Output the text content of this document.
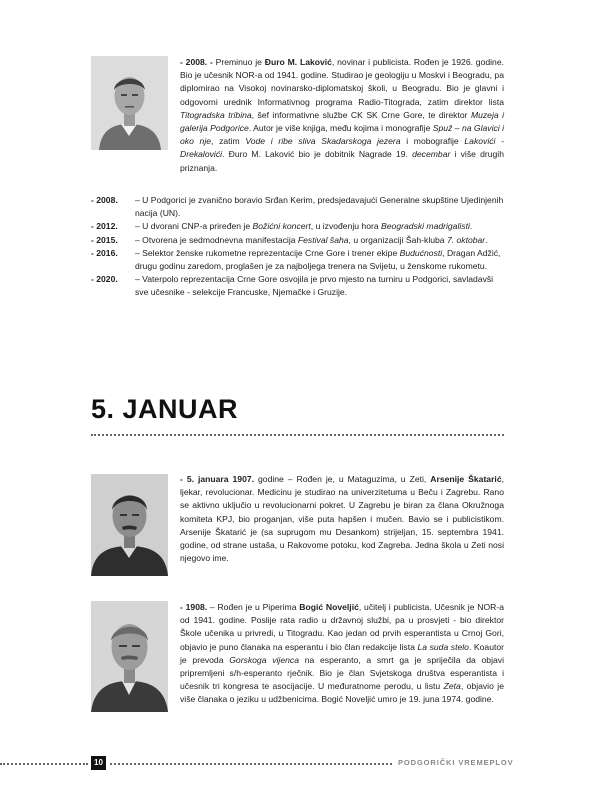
- 2008. - Preminuo je Đuro M. Laković, novinar i publicista. Rođen je 1926. godine. Bio je učesnik NOR-a od 1941. godine. Studirao je geologiju u Moskvi i Beogradu, pa diplomirao na Visokoj novinarsko-diplomatskoj školi, u Beogradu. Bio je glavni i odgovorni urednik Informativnog programa Radio-Titograda, zatim direktor lista Titogradska tribina, šef informativne službe CK SK Crne Gore, te direktor Muzeja i galerija Podgorice. Autor je više knjiga, među kojima i monografije Spuž – na Glavici i oko nje, zatim Vode i ribe sliva Skadarskoga jezera i mobografije Lakovići - Drekalovići. Đuro M. Laković bio je dobitnik Nagrade 19. decembar i više drugih priznanja.
- 2008.	– U Podgorici je zvanično boravio Srđan Kerim, predsjedavajući Generalne skupštine Ujedinjenih nacija (UN).
- 2012.	– U dvorani CNP-a priređen je Božićni koncert, u izvođenju hora Beogradski madrigalisti.
- 2015.	– Otvorena je sedmodnevna manifestacija Festival šaha, u organizaciji Šah-kluba 7. oktobar.
- 2016.	– Selektor ženske rukometne reprezentacije Crne Gore i trener ekipe Budućnosti, Dragan Adžić, drugu godinu zaredom, proglašen je za najboljega trenera na Svijetu, u ženskome rukometu.
- 2020.	– Vaterpolo reprezentacija Crne Gore osvojila je prvo mjesto na turniru u Podgorici, savladavši sve učesnike - selekcije Francuske, Njemačke i Gruzije.
5. JANUAR
- 5. januara 1907. godine – Rođen je, u Mataguzima, u Zeti, Arsenije Škatarić, ljekar, revolucionar. Medicinu je studirao na univerzitetuma u Beču i Zagrebu. Rano se aktivno uključio u revolucionarni pokret. U Zagrebu je biran za člana Okružnoga komiteta KPJ, bio proganjan, više puta hapšen i mučen. Bavio se i publicistikom. Arsenije Škatarić je (sa suprugom mu Desankom) strijeljan, 15. septembra 1941. godine, od strane ustaša, u Rakovome potoku, kod Zagreba. Jedna škola u Zeti nosi njegovo ime.
- 1908. – Rođen je u Piperima Bogić Noveljić, učitelj i publicista. Učesnik je NOR-a od 1941. godine. Poslije rata radio u državnoj službi, pa u prosvjeti - bio direktor Škole učenika u privredi, u Titogradu. Kao jedan od prvih esperantista u Crnoj Gori, objavio je puno članaka na esperantu i bio član redakcije lista La suda stelo. Koautor je prevoda Gorskoga vijenca na esperanto, a smrt ga je spriječila da objavi pripremljeni s/h-esperanto rječnik. Bio je član Svjetskoga društva esperantista i učesnik tri kongresa te asocijacije. U međuratnome perodu, u listu Zeta, objavio je više članaka o jeziku u udžbenicima. Bogić Noveljić umro je 19. juna 1974. godine.
10	PODGORIČKI VREMEPLOV
